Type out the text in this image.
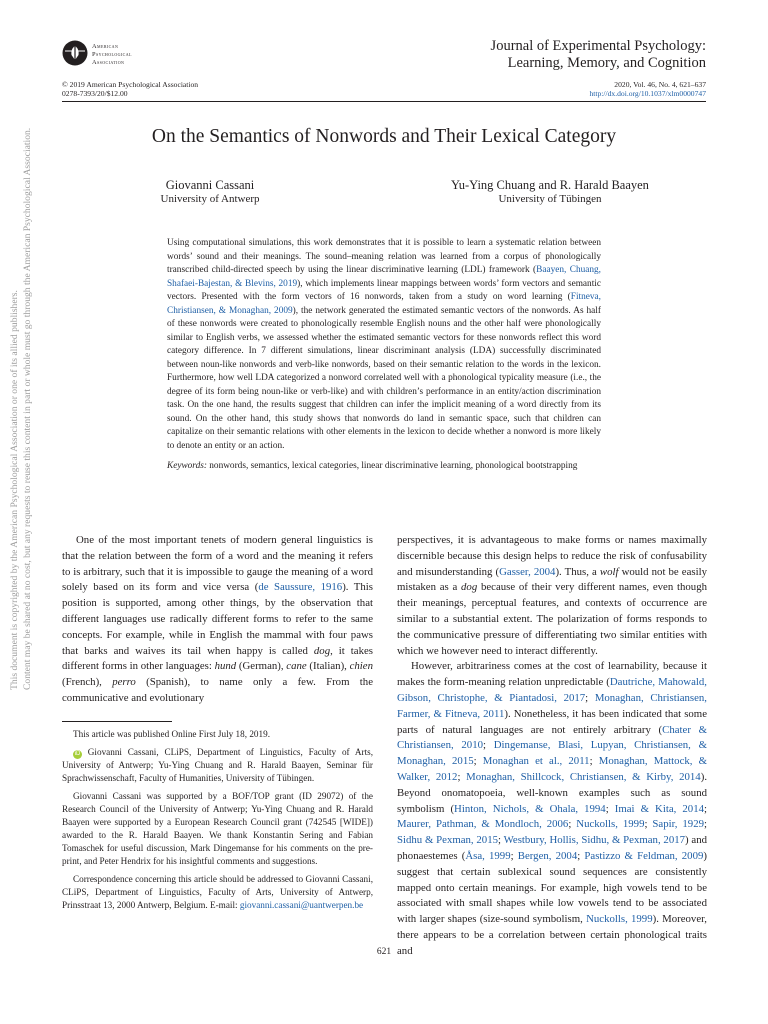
American
Psychological
Association
Journal of Experimental Psychology:
Learning, Memory, and Cognition
© 2019 American Psychological Association
0278-7393/20/$12.00
2020, Vol. 46, No. 4, 621–637
http://dx.doi.org/10.1037/xlm0000747
On the Semantics of Nonwords and Their Lexical Category
Giovanni Cassani
University of Antwerp
Yu-Ying Chuang and R. Harald Baayen
University of Tübingen

Using computational simulations, this work demonstrates that it is possible to learn a systematic relation between words’ sound and their meanings. The sound–meaning relation was learned from a corpus of phonologically transcribed child-directed speech by using the linear discriminative learning (LDL) framework (Baayen, Chuang, Shafaei-Bajestan, & Blevins, 2019), which implements linear mappings between words’ form vectors and semantic vectors. Presented with the form vectors of 16 nonwords, taken from a study on word learning (Fitneva, Christiansen, & Monaghan, 2009), the network generated the estimated semantic vectors of the nonwords. As half of these nonwords were created to phonologically resemble English nouns and the other half were phonologically similar to English verbs, we assessed whether the estimated semantic vectors for these nonwords reflect this word category difference. In 7 different simulations, linear discriminant analysis (LDA) successfully discriminated between noun-like nonwords and verb-like nonwords, based on their semantic relation to the words in the lexicon. Furthermore, how well LDA categorized a nonword correlated well with a phonological typicality measure (i.e., the degree of its form being noun-like or verb-like) and with children’s performance in an entity/action discrimination task. On the one hand, the results suggest that children can infer the implicit meaning of a word directly from its sound. On the other hand, this study shows that nonwords do land in semantic space, such that children can capitalize on their semantic relations with other elements in the lexicon to decide whether a nonword is more likely to denote an entity or an action.

Keywords: nonwords, semantics, lexical categories, linear discriminative learning, phonological bootstrapping

One of the most important tenets of modern general linguistics is that the relation between the form of a word and the meaning it refers to is arbitrary, such that it is impossible to gauge the meaning of a word solely based on its form and vice versa (de Saussure, 1916). This position is supported, among other things, by the observation that different languages use radically different forms to refer to the same concepts. For example, while in English the mammal with four paws that barks and waives its tail when happy is called dog, it takes different forms in other languages: hund (German), cane (Italian), chien (French), perro (Spanish), to name only a few. From the communicative and evolutionary

This article was published Online First July 18, 2019.

iD Giovanni Cassani, CLiPS, Department of Linguistics, Faculty of Arts, University of Antwerp; Yu-Ying Chuang and R. Harald Baayen, Seminar für Sprachwissenschaft, Faculty of Humanities, University of Tübingen.

Giovanni Cassani was supported by a BOF/TOP grant (ID 29072) of the Research Council of the University of Antwerp; Yu-Ying Chuang and R. Harald Baayen were supported by a European Research Council grant (742545 [WIDE]) awarded to the R. Harald Baayen. We thank Konstantin Sering and Fabian Tomaschek for useful discussion, Mark Dingemanse for his comments on the pre-print, and Peter Hendrix for his insightful comments and suggestions.

Correspondence concerning this article should be addressed to Giovanni Cassani, CLiPS, Department of Linguistics, Faculty of Arts, University of Antwerp, Prinsstraat 13, 2000 Antwerp, Belgium. E-mail: giovanni.cassani@uantwerpen.be

perspectives, it is advantageous to make forms or names maximally discernible because this design helps to reduce the risk of confusability and misunderstanding (Gasser, 2004). Thus, a wolf would not be easily mistaken as a dog because of their very different names, even though their meanings, perceptual features, and contexts of occurrence are similar to a substantial extent. The polarization of forms responds to the communicative pressure of differentiating two similar entities with which we however need to interact differently.

However, arbitrariness comes at the cost of learnability, because it makes the form-meaning relation unpredictable (Dautriche, Mahowald, Gibson, Christophe, & Piantadosi, 2017; Monaghan, Christiansen, Farmer, & Fitneva, 2011). Nonetheless, it has been indicated that some parts of natural languages are not entirely arbitrary (Chater & Christiansen, 2010; Dingemanse, Blasi, Lupyan, Christiansen, & Monaghan, 2015; Monaghan et al., 2011; Monaghan, Mattock, & Walker, 2012; Monaghan, Shillcock, Christiansen, & Kirby, 2014). Beyond onomatopoeia, well-known examples such as sound symbolism (Hinton, Nichols, & Ohala, 1994; Imai & Kita, 2014; Maurer, Pathman, & Mondloch, 2006; Nuckolls, 1999; Sapir, 1929; Sidhu & Pexman, 2015; Westbury, Hollis, Sidhu, & Pexman, 2017) and phonaestemes (Åsa, 1999; Bergen, 2004; Pastizzo & Feldman, 2009) suggest that certain sublexical sound sequences are consistently mapped onto certain meanings. For example, high vowels tend to be associated with small shapes while low vowels tend to be associated with larger shapes (size-sound symbolism, Nuckolls, 1999). Moreover, there appears to be a correlation between certain phonological traits and

621
This document is copyrighted by the American Psychological Association or one of its allied publishers. Content may be shared at no cost, but any requests to reuse this content in part or whole must go through the American Psychological Association.
